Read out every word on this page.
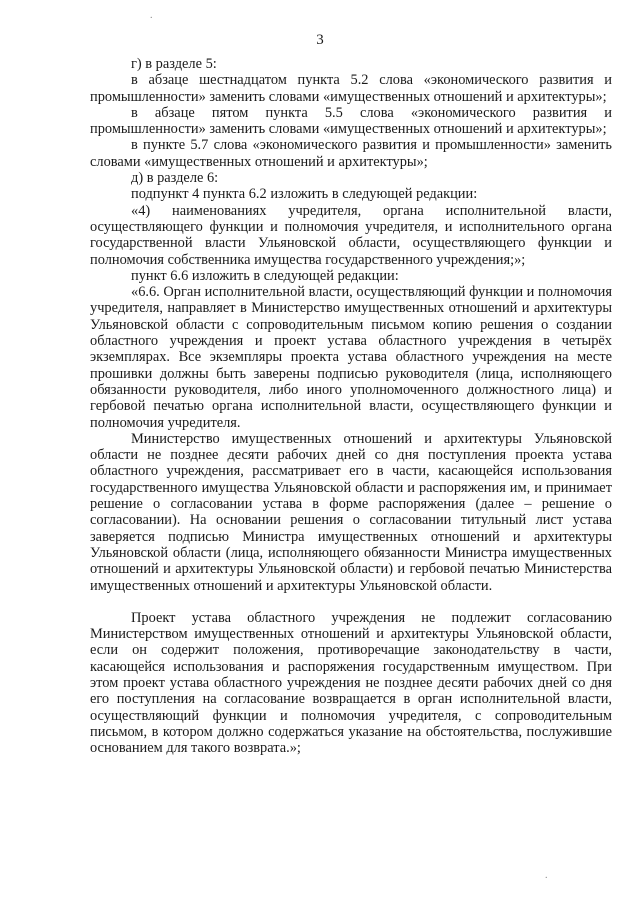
3

г) в разделе 5:

в абзаце шестнадцатом пункта 5.2 слова «экономического развития и промышленности» заменить словами «имущественных отношений и архитектуры»;

в абзаце пятом пункта 5.5 слова «экономического развития и промышленности» заменить словами «имущественных отношений и архитектуры»;

в пункте 5.7 слова «экономического развития и промышленности» заменить словами «имущественных отношений и архитектуры»;

д) в разделе 6:

подпункт 4 пункта 6.2 изложить в следующей редакции:

«4) наименованиях учредителя, органа исполнительной власти, осуществляющего функции и полномочия учредителя, и исполнительного органа государственной власти Ульяновской области, осуществляющего функции и полномочия собственника имущества государственного учреждения;»;

пункт 6.6 изложить в следующей редакции:

«6.6. Орган исполнительной власти, осуществляющий функции и полномочия учредителя, направляет в Министерство имущественных отношений и архитектуры Ульяновской области с сопроводительным письмом копию решения о создании областного учреждения и проект устава областного учреждения в четырёх экземплярах. Все экземпляры проекта устава областного учреждения на месте прошивки должны быть заверены подписью руководителя (лица, исполняющего обязанности руководителя, либо иного уполномоченного должностного лица) и гербовой печатью органа исполнительной власти, осуществляющего функции и полномочия учредителя.

Министерство имущественных отношений и архитектуры Ульяновской области не позднее десяти рабочих дней со дня поступления проекта устава областного учреждения, рассматривает его в части, касающейся использования государственного имущества Ульяновской области и распоряжения им, и принимает решение о согласовании устава в форме распоряжения (далее – решение о согласовании). На основании решения о согласовании титульный лист устава заверяется подписью Министра имущественных отношений и архитектуры Ульяновской области (лица, исполняющего обязанности Министра имущественных отношений и архитектуры Ульяновской области) и гербовой печатью Министерства имущественных отношений и архитектуры Ульяновской области.

Проект устава областного учреждения не подлежит согласованию Министерством имущественных отношений и архитектуры Ульяновской области, если он содержит положения, противоречащие законодательству в части, касающейся использования и распоряжения государственным имуществом. При этом проект устава областного учреждения не позднее десяти рабочих дней со дня его поступления на согласование возвращается в орган исполнительной власти, осуществляющий функции и полномочия учредителя, с сопроводительным письмом, в котором должно содержаться указание на обстоятельства, послужившие основанием для такого возврата.»;

.
.
